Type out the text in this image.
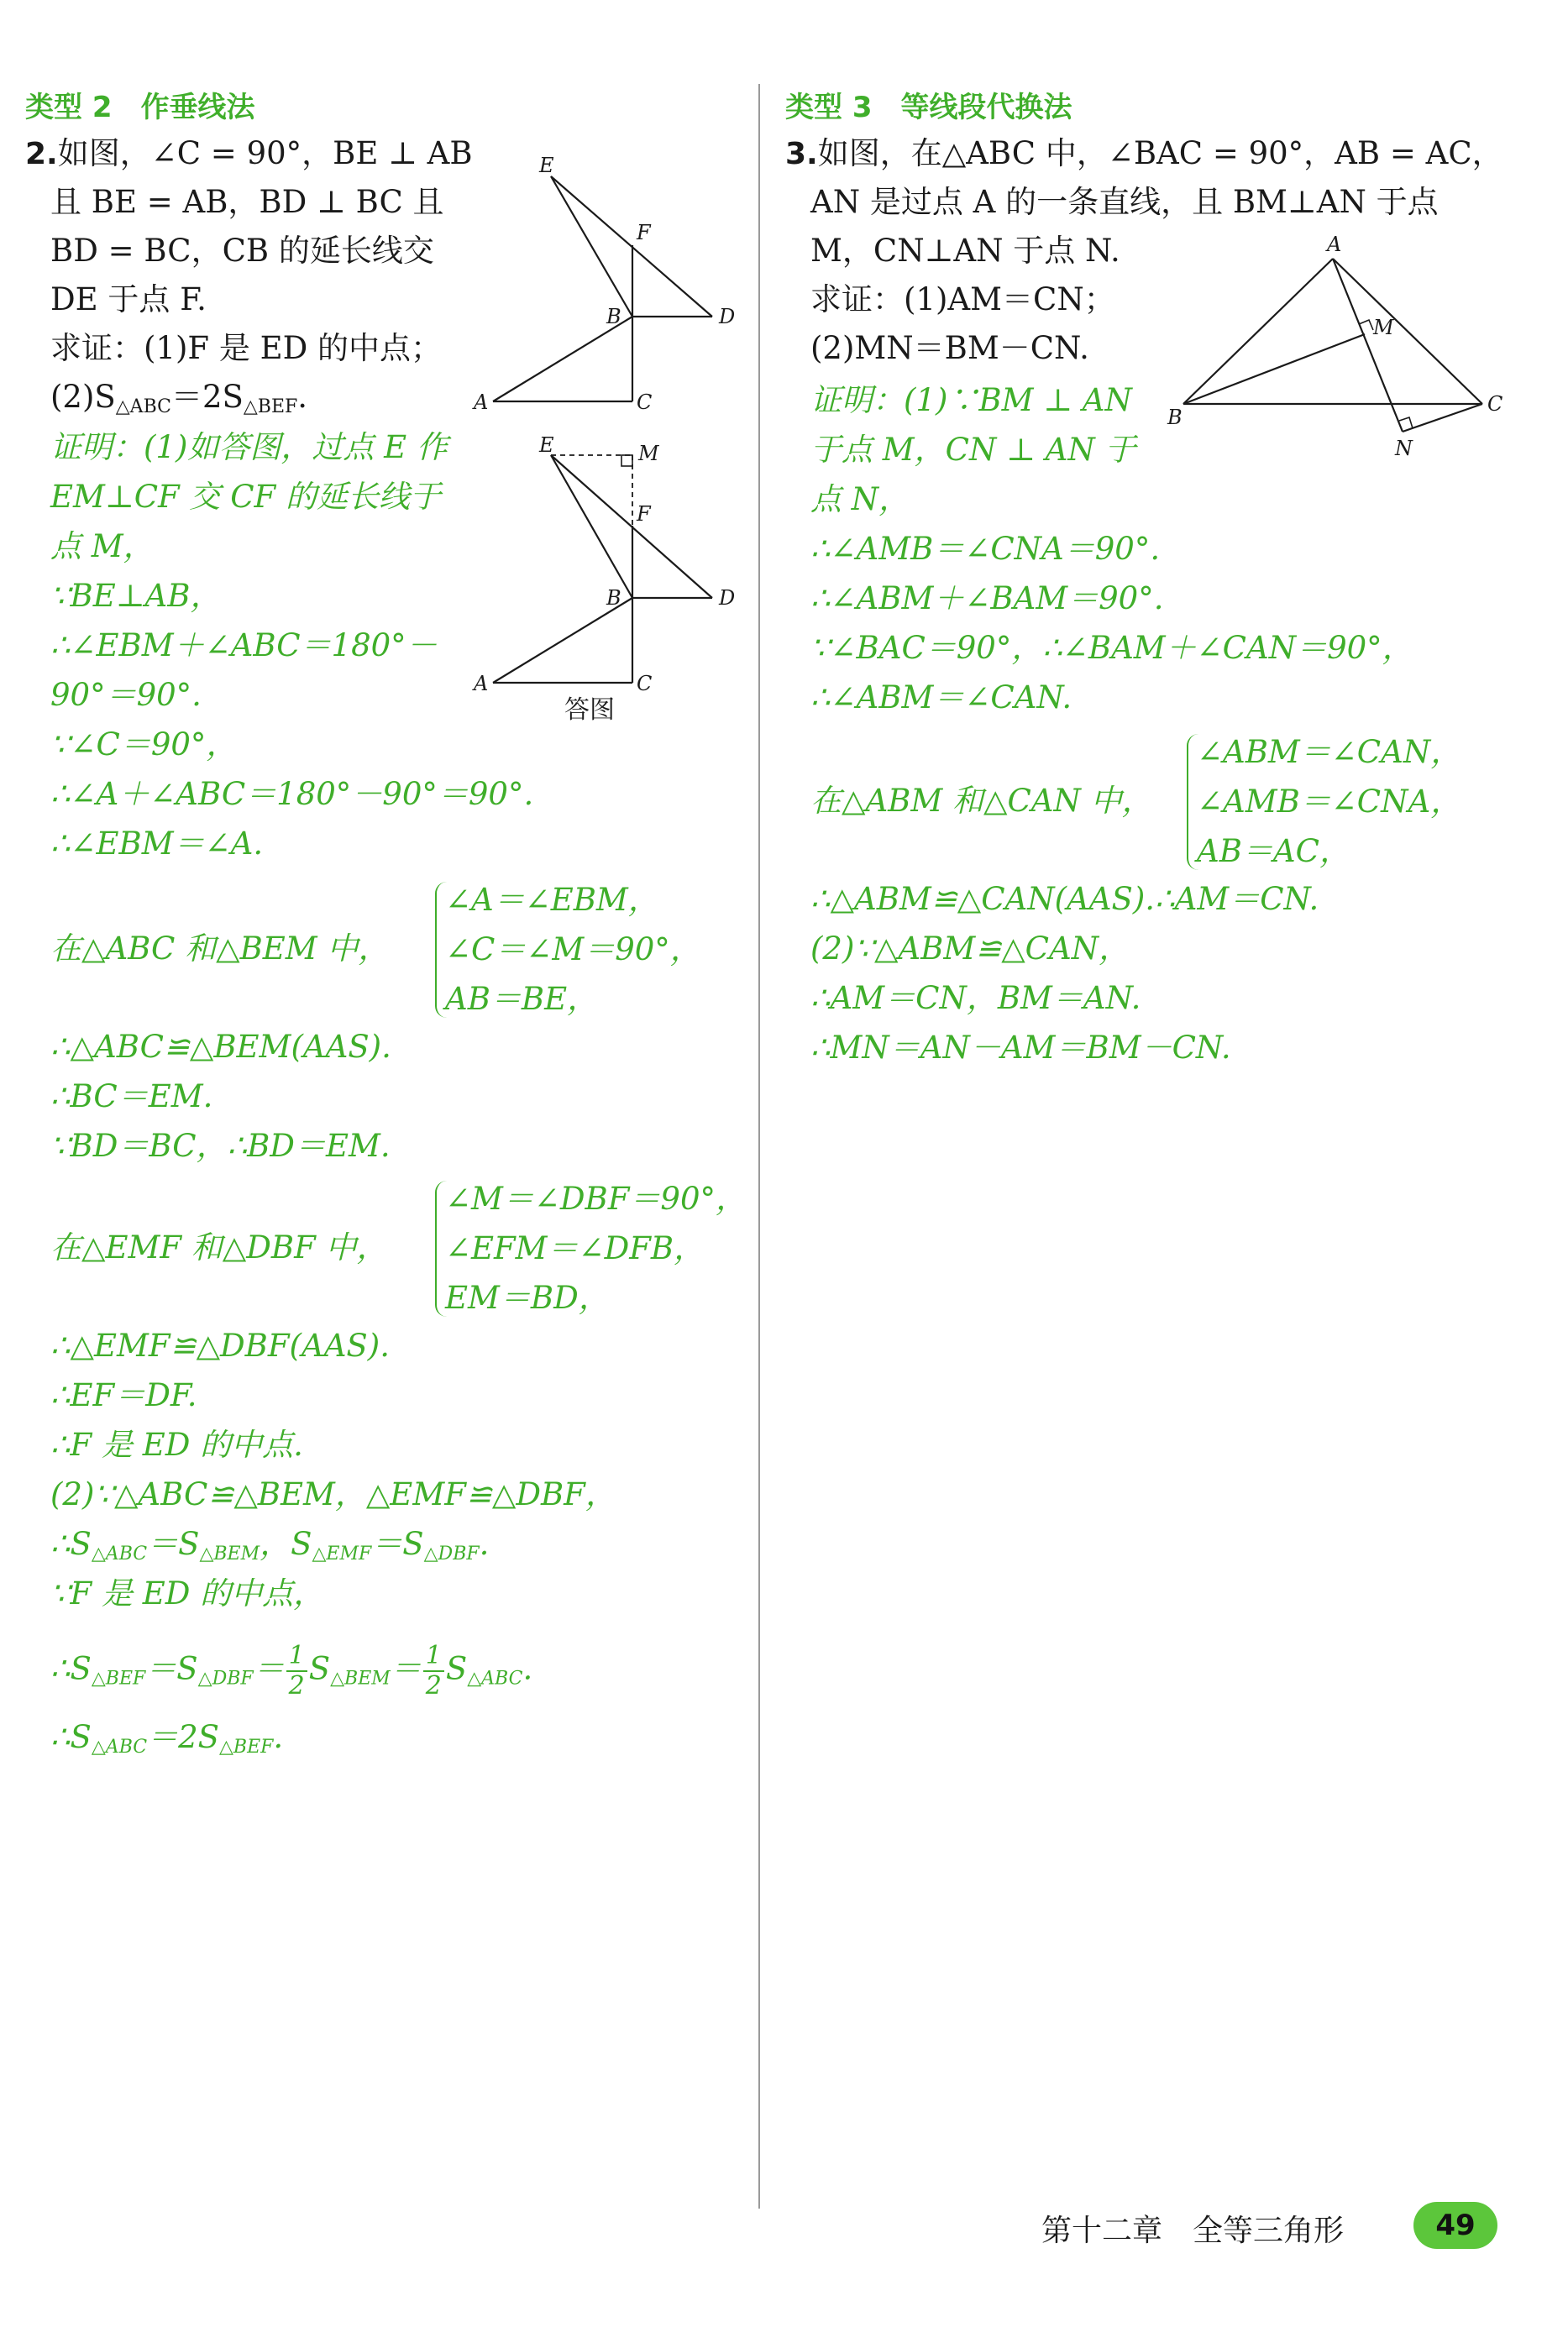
类型 2　作垂线法
2.如图，∠C = 90°，BE ⊥ AB
且 BE = AB，BD ⊥ BC 且
BD = BC，CB 的延长线交
DE 于点 F.
求证：(1)F 是 ED 的中点；
$(2)S_{\triangle ABC}=2S_{\triangle BEF}$.
证明：(1)如答图，过点 E 作
EM⊥CF 交 CF 的延长线于
点 M，
∵BE⊥AB，
∴∠EBM＋∠ABC＝180°－
90°＝90°.
∵∠C＝90°，
∴∠A＋∠ABC＝180°－90°＝90°.
∴∠EBM＝∠A.
在△ABC 和△BEM 中，
∠A＝∠EBM，
∠C＝∠M＝90°，
AB＝BE，
∴△ABC≌△BEM(AAS).
∴BC＝EM.
∵BD＝BC，∴BD＝EM.
在△EMF 和△DBF 中，
∠M＝∠DBF＝90°，
∠EFM＝∠DFB，
EM＝BD，
∴△EMF≌△DBF(AAS).
∴EF＝DF.
∴F 是 ED 的中点.
(2)∵△ABC≌△BEM，△EMF≌△DBF，
$\therefore S_{\triangle ABC}=S_{\triangle BEM}$，$S_{\triangle EMF}=S_{\triangle DBF}$.
∵F 是 ED 的中点，
$\therefore S_{\triangle BEF}=S_{\triangle DBF}= \frac{1}{2} S_{\triangle BEM}= \frac{1}{2} S_{\triangle ABC}$.
$\therefore S_{\triangle ABC}=2S_{\triangle BEF}$.
E
F
B	D
A	C
E	M
F
B	D
A	C
答图
类型 3　等线段代换法
3.如图，在△ABC 中，∠BAC = 90°，AB = AC，
AN 是过点 A 的一条直线，且 BM⊥AN 于点
M，CN⊥AN 于点 N.
求证：(1)AM＝CN；
(2)MN＝BM－CN.
证明：(1)∵BM ⊥ AN
于点 M，CN ⊥ AN 于
点 N，
∴∠AMB＝∠CNA＝90°.
∴∠ABM＋∠BAM＝90°.
∵∠BAC＝90°，∴∠BAM＋∠CAN＝90°，
∴∠ABM＝∠CAN.
在△ABM 和△CAN 中，
∠ABM＝∠CAN，
∠AMB＝∠CNA，
AB＝AC，
∴△ABM≌△CAN(AAS).∴AM＝CN.
(2)∵△ABM≌△CAN，
∴AM＝CN，BM＝AN.
∴MN＝AN－AM＝BM－CN.
A
M
B
C
N
第十二章　全等三角形	49
